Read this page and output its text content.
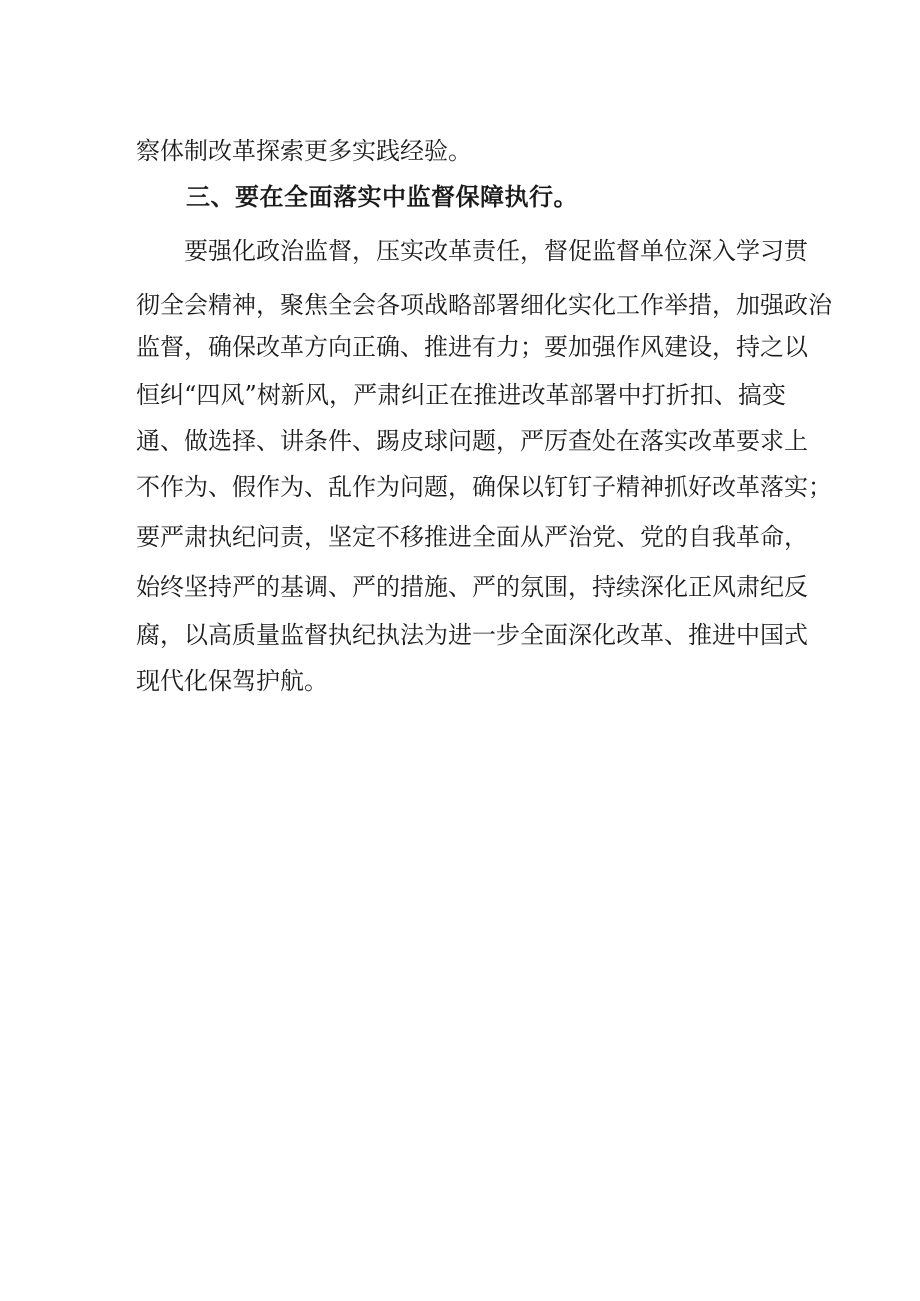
察体制改革探索更多实践经验。
三、要在全面落实中监督保障执行。
要强化政治监督，压实改革责任，督促监督单位深入学习贯
彻全会精神，聚焦全会各项战略部署细化实化工作举措，加强政治
监督，确保改革方向正确、推进有力；要加强作风建设，持之以
恒纠“四风”树新风，严肃纠正在推进改革部署中打折扣、搞变
通、做选择、讲条件、踢皮球问题，严厉查处在落实改革要求上
不作为、假作为、乱作为问题，确保以钉钉子精神抓好改革落实；
要严肃执纪问责，坚定不移推进全面从严治党、党的自我革命，
始终坚持严的基调、严的措施、严的氛围，持续深化正风肃纪反
腐，以高质量监督执纪执法为进一步全面深化改革、推进中国式
现代化保驾护航。
